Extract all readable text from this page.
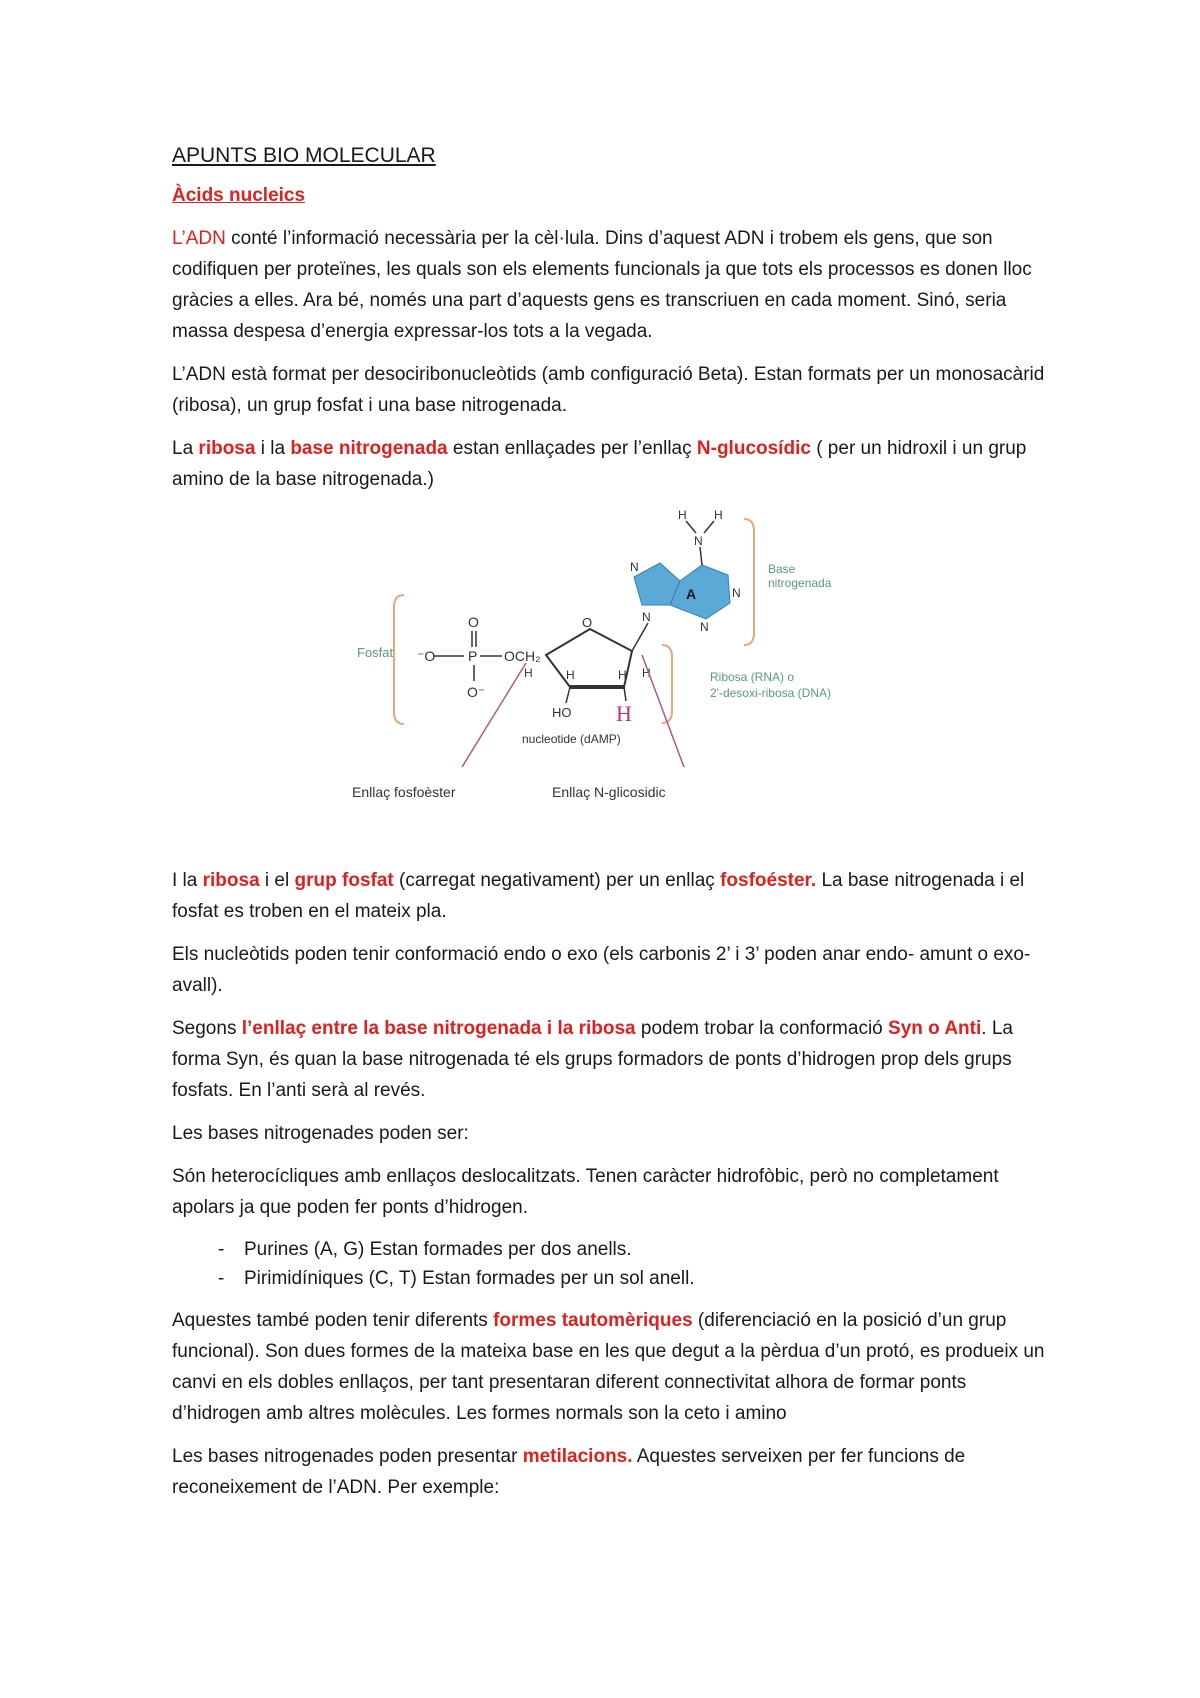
APUNTS BIO MOLECULAR
Àcids nucleics

L’ADN conté l’informació necessària per la cèl·lula. Dins d’aquest ADN i trobem els gens, que son codifiquen per proteïnes, les quals son els elements funcionals ja que tots els processos es donen lloc gràcies a elles. Ara bé, només una part d’aquests gens es transcriuen en cada moment. Sinó, seria massa despesa d’energia expressar-los tots a la vegada.

L’ADN està format per desociribonucleòtids (amb configuració Beta). Estan formats per un monosacàrid (ribosa), un grup fosfat i una base nitrogenada.

La ribosa i la base nitrogenada estan enllaçades per l’enllaç N-glucosídic ( per un hidroxil i un grup amino de la base nitrogenada.)

Fosfat
O
⁻O P OCH₂
O⁻
O
H	H	H H
HO H
nucleotide (dAMP)
A
N
N
N
N
N
H H
Base
nitrogenada
Ribosa (RNA) o
2'-desoxi-ribosa (DNA)
Enllaç fosfoèster	Enllaç N-glicosidic

I la ribosa i el grup fosfat (carregat negativament) per un enllaç fosfoéster. La base nitrogenada i el fosfat es troben en el mateix pla.

Els nucleòtids poden tenir conformació endo o exo (els carbonis 2’ i 3’ poden anar endo- amunt o exo-avall).

Segons l’enllaç entre la base nitrogenada i la ribosa podem trobar la conformació Syn o Anti. La forma Syn, és quan la base nitrogenada té els grups formadors de ponts d’hidrogen prop dels grups fosfats. En l’anti serà al revés.

Les bases nitrogenades poden ser:

Són heterocícliques amb enllaços deslocalitzats. Tenen caràcter hidrofòbic, però no completament apolars ja que poden fer ponts d’hidrogen.

- Purines (A, G) Estan formades per dos anells.
- Pirimidíniques (C, T) Estan formades per un sol anell.

Aquestes també poden tenir diferents formes tautomèriques (diferenciació en la posició d’un grup funcional). Son dues formes de la mateixa base en les que degut a la pèrdua d’un protó, es produeix un canvi en els dobles enllaços, per tant presentaran diferent connectivitat alhora de formar ponts d’hidrogen amb altres molècules. Les formes normals son la ceto i amino

Les bases nitrogenades poden presentar metilacions. Aquestes serveixen per fer funcions de reconeixement de l’ADN. Per exemple:
